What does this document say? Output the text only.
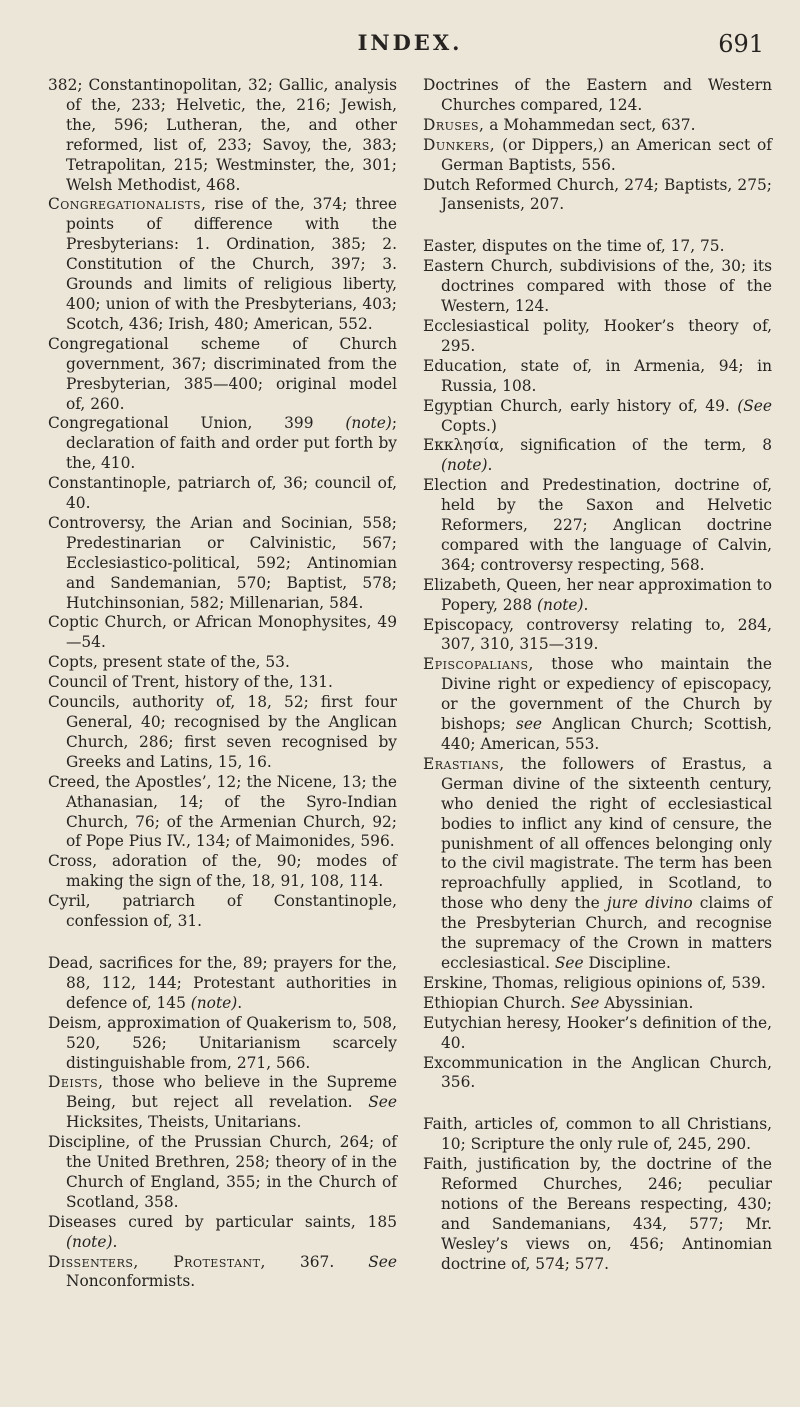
INDEX.	691

382; Constantinopolitan, 32; Gallic, analysis of the, 233; Helvetic, the, 216; Jewish, the, 596; Lutheran, the, and other reformed, list of, 233; Savoy, the, 383; Tetrapolitan, 215; Westminster, the, 301; Welsh Methodist, 468.

Congregationalists, rise of the, 374; three points of difference with the Presbyterians: 1. Ordination, 385; 2. Constitution of the Church, 397; 3. Grounds and limits of religious liberty, 400; union of with the Presbyterians, 403; Scotch, 436; Irish, 480; American, 552.

Congregational scheme of Church government, 367; discriminated from the Presbyterian, 385—400; original model of, 260.

Congregational Union, 399 (note); declaration of faith and order put forth by the, 410.

Constantinople, patriarch of, 36; council of, 40.

Controversy, the Arian and Socinian, 558; Predestinarian or Calvinistic, 567; Ecclesiastico-political, 592; Antinomian and Sandemanian, 570; Baptist, 578; Hutchinsonian, 582; Millenarian, 584.

Coptic Church, or African Monophysites, 49—54.

Copts, present state of the, 53.

Council of Trent, history of the, 131.

Councils, authority of, 18, 52; first four General, 40; recognised by the Anglican Church, 286; first seven recognised by Greeks and Latins, 15, 16.

Creed, the Apostles’, 12; the Nicene, 13; the Athanasian, 14; of the Syro-Indian Church, 76; of the Armenian Church, 92; of Pope Pius IV., 134; of Maimonides, 596.

Cross, adoration of the, 90; modes of making the sign of the, 18, 91, 108, 114.

Cyril, patriarch of Constantinople, confession of, 31.

Dead, sacrifices for the, 89; prayers for the, 88, 112, 144; Protestant authorities in defence of, 145 (note).

Deism, approximation of Quakerism to, 508, 520, 526; Unitarianism scarcely distinguishable from, 271, 566.

Deists, those who believe in the Supreme Being, but reject all revelation. See Hicksites, Theists, Unitarians.

Discipline, of the Prussian Church, 264; of the United Brethren, 258; theory of in the Church of England, 355; in the Church of Scotland, 358.

Diseases cured by particular saints, 185 (note).

Dissenters, Protestant, 367. See Nonconformists.

Doctrines of the Eastern and Western Churches compared, 124.

Druses, a Mohammedan sect, 637.

Dunkers, (or Dippers,) an American sect of German Baptists, 556.

Dutch Reformed Church, 274; Baptists, 275; Jansenists, 207.

Easter, disputes on the time of, 17, 75.

Eastern Church, subdivisions of the, 30; its doctrines compared with those of the Western, 124.

Ecclesiastical polity, Hooker’s theory of, 295.

Education, state of, in Armenia, 94; in Russia, 108.

Egyptian Church, early history of, 49. (See Copts.)

Εκκλησία, signification of the term, 8 (note).

Election and Predestination, doctrine of, held by the Saxon and Helvetic Reformers, 227; Anglican doctrine compared with the language of Calvin, 364; controversy respecting, 568.

Elizabeth, Queen, her near approximation to Popery, 288 (note).

Episcopacy, controversy relating to, 284, 307, 310, 315—319.

Episcopalians, those who maintain the Divine right or expediency of episcopacy, or the government of the Church by bishops; see Anglican Church; Scottish, 440; American, 553.

Erastians, the followers of Erastus, a German divine of the sixteenth century, who denied the right of ecclesiastical bodies to inflict any kind of censure, the punishment of all offences belonging only to the civil magistrate. The term has been reproachfully applied, in Scotland, to those who deny the jure divino claims of the Presbyterian Church, and recognise the supremacy of the Crown in matters ecclesiastical. See Discipline.

Erskine, Thomas, religious opinions of, 539.

Ethiopian Church. See Abyssinian.

Eutychian heresy, Hooker’s definition of the, 40.

Excommunication in the Anglican Church, 356.

Faith, articles of, common to all Christians, 10; Scripture the only rule of, 245, 290.

Faith, justification by, the doctrine of the Reformed Churches, 246; peculiar notions of the Bereans respecting, 430; and Sandemanians, 434, 577; Mr. Wesley’s views on, 456; Antinomian doctrine of, 574; 577.
